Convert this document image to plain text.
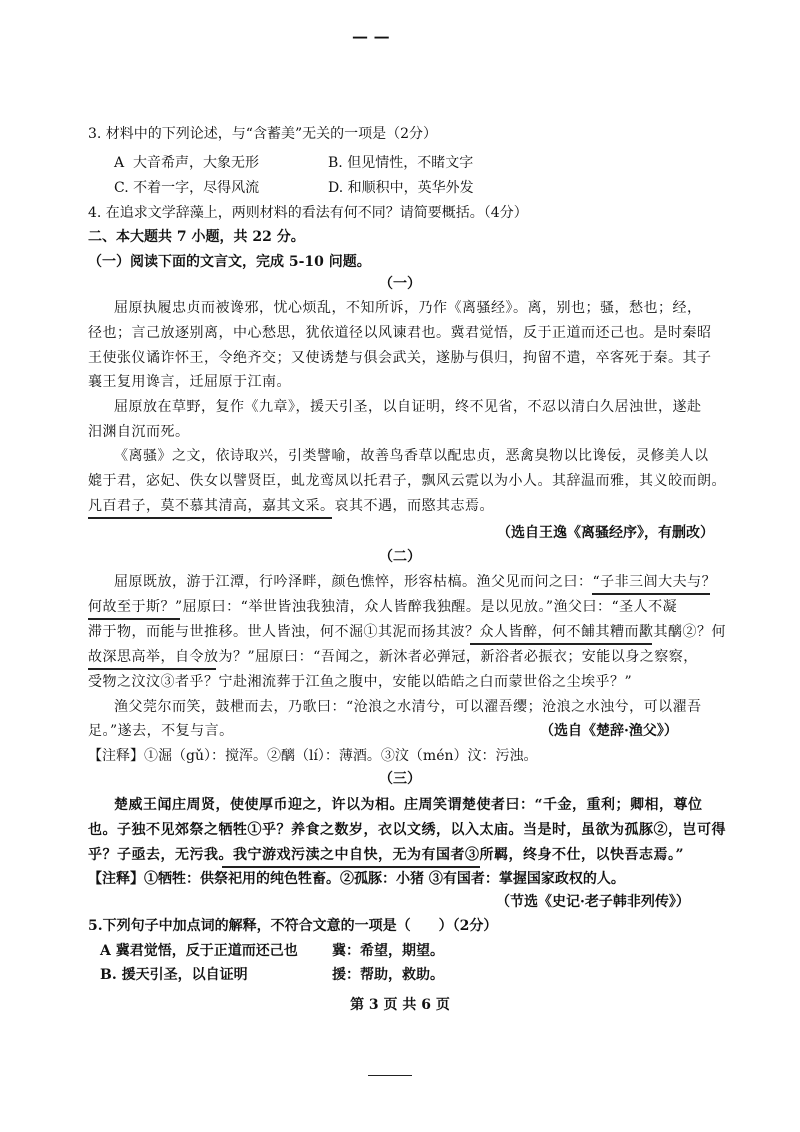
— —
3. 材料中的下列论述，与“含蓄美”无关的一项是（2分）
A 大音希声，大象无形	B. 但见情性，不睹文字
C. 不着一字，尽得风流	D. 和顺积中，英华外发
4. 在追求文学辞藻上，两则材料的看法有何不同？请简要概括。（4分）
二、本大题共 7 小题，共 22 分。
（一）阅读下面的文言文，完成 5-10 问题。
（一）
屈原执履忠贞而被谗邪，忧心烦乱，不知所诉，乃作《离骚经》。离，别也；骚，愁也；经，
径也；言己放逐别离，中心愁思，犹依道径以风谏君也。冀君觉悟，反于正道而还己也。是时秦昭
王使张仪谲诈怀王，令绝齐交；又使诱楚与俱会武关，遂胁与俱归，拘留不遣，卒客死于秦。其子
襄王复用谗言，迁屈原于江南。
屈原放在草野，复作《九章》，援天引圣，以自证明，终不见省，不忍以清白久居浊世，遂赴
汨渊自沉而死。
《离骚》之文，依诗取兴，引类譬喻，故善鸟香草以配忠贞，恶禽臭物以比谗佞，灵修美人以
媲于君，宓妃、佚女以譬贤臣，虬龙鸾凤以托君子，飘风云霓以为小人。其辞温而雅，其义皎而朗。
凡百君子，莫不慕其清高，嘉其文采。哀其不遇，而愍其志焉。
（选自王逸《离骚经序》，有删改）
（二）
屈原既放，游于江潭，行吟泽畔，颜色憔悴，形容枯槁。渔父见而问之曰：“子非三闾大夫与？
何故至于斯？”屈原曰：“举世皆浊我独清，众人皆醉我独醒。是以见放。”渔父曰：“圣人不凝
滞于物，而能与世推移。世人皆浊，何不淈①其泥而扬其波？众人皆醉，何不餔其糟而歠其醨②？何
故深思高举，自令放为？”屈原曰：“吾闻之，新沐者必弹冠，新浴者必振衣；安能以身之察察，
受物之汶汶③者乎？宁赴湘流葬于江鱼之腹中，安能以皓皓之白而蒙世俗之尘埃乎？”
渔父莞尔而笑，鼓枻而去，乃歌曰：“沧浪之水清兮，可以濯吾缨；沧浪之水浊兮，可以濯吾
足。”遂去，不复与言。	（选自《楚辞·渔父》）
【注释】①淈（gǔ）：搅浑。②醨（lí）：薄酒。③汶（mén）汶：污浊。
（三）
楚威王闻庄周贤，使使厚币迎之，许以为相。庄周笑谓楚使者曰：“千金，重利；卿相，尊位
也。子独不见郊祭之牺牲①乎？养食之数岁，衣以文绣，以入太庙。当是时，虽欲为孤豚②，岂可得
乎？子亟去，无污我。我宁游戏污渎之中自快，无为有国者③所羁，终身不仕，以快吾志焉。”
【注释】①牺牲：供祭祀用的纯色牲畜。②孤豚：小猪 ③有国者：掌握国家政权的人。
（节选《史记·老子韩非列传》）
5.下列句子中加点词的解释，不符合文意的一项是（　　）（2分）
A 冀君觉悟，反于正道而还己也 冀：希望，期望。
B. 援天引圣，以自证明	援：帮助，救助。
第 3 页 共 6 页
